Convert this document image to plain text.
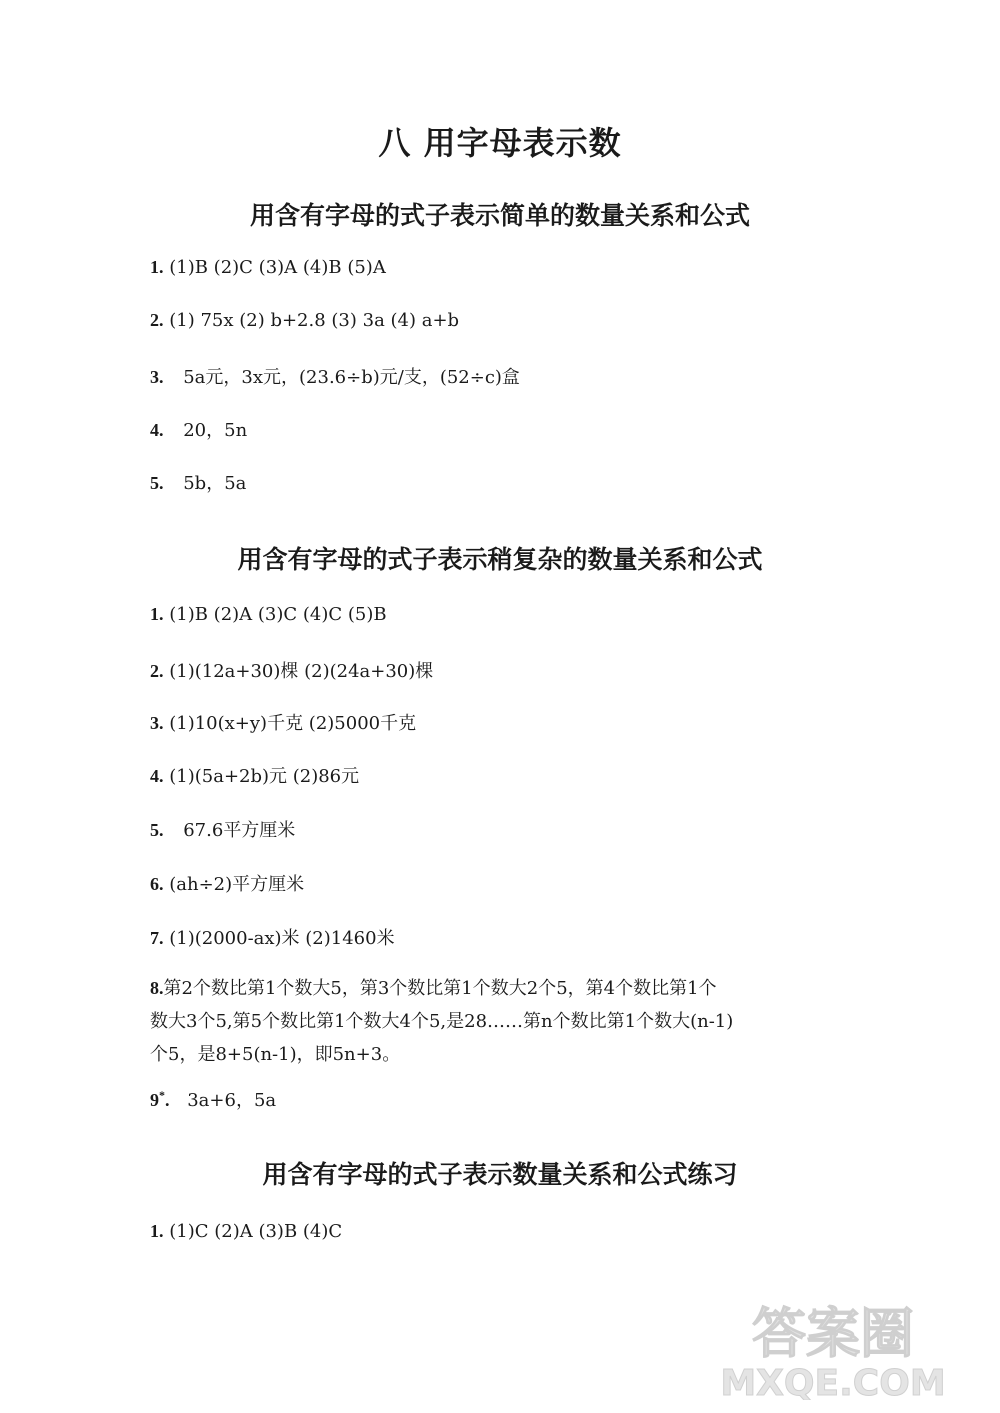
八 用字母表示数
用含有字母的式子表示简单的数量关系和公式
1. (1)B (2)C (3)A (4)B (5)A
2. (1) 75x (2) b+2.8 (3) 3a (4) a+b
3. 5a元，3x元，(23.6÷b)元/支，(52÷c)盒
4. 20，5n
5. 5b，5a
用含有字母的式子表示稍复杂的数量关系和公式
1. (1)B (2)A (3)C (4)C (5)B
2. (1)(12a+30)棵 (2)(24a+30)棵
3. (1)10(x+y)千克 (2)5000千克
4. (1)(5a+2b)元 (2)86元
5. 67.6平方厘米
6. (ah÷2)平方厘米
7. (1)(2000-ax)米 (2)1460米
8.第2个数比第1个数大5，第3个数比第1个数大2个5，第4个数比第1个
数大3个5,第5个数比第1个数大4个5,是28……第n个数比第1个数大(n-1)
个5，是8+5(n-1)，即5n+3。
9*. 3a+6，5a
用含有字母的式子表示数量关系和公式练习
1. (1)C (2)A (3)B (4)C
答案圈
MXQE.COM
